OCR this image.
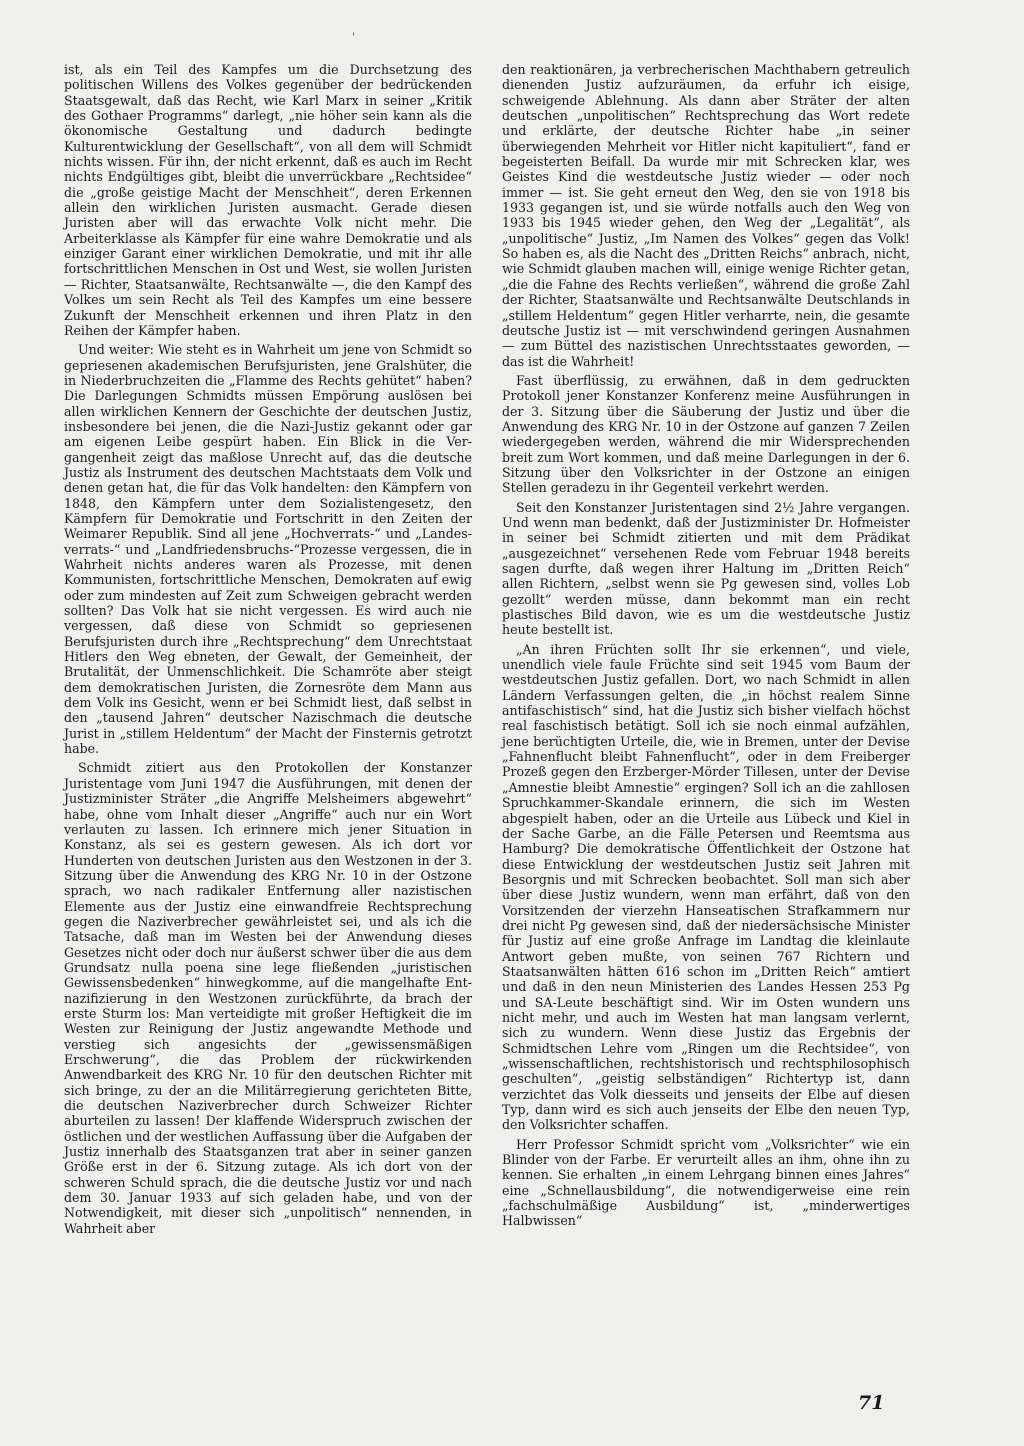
'

ist, als ein Teil des Kampfes um die Durchsetzung des politischen Willens des Volkes gegenüber der bedrückenden Staatsgewalt, daß das Recht, wie Karl Marx in seiner „Kritik des Gothaer Programms“ darlegt, „nie höher sein kann als die ökonomische Gestaltung und dadurch bedingte Kulturentwicklung der Gesellschaft“, von all dem will Schmidt nichts wissen. Für ihn, der nicht erkennt, daß es auch im Recht nichts Endgültiges gibt, bleibt die unverrückbare „Rechtsidee“ die „große geistige Macht der Menschheit“, deren Erkennen allein den wirklichen Juristen ausmacht. Gerade diesen Juristen aber will das erwachte Volk nicht mehr. Die Arbeiterklasse als Kämpfer für eine wahre Demokratie und als einziger Garant einer wirklichen Demokratie, und mit ihr alle fortschrittlichen Menschen in Ost und West, sie wollen Juristen — Richter, Staatsanwälte, Rechtsanwälte —, die den Kampf des Volkes um sein Recht als Teil des Kampfes um eine bessere Zukunft der Menschheit erkennen und ihren Platz in den Reihen der Kämpfer haben.

Und weiter: Wie steht es in Wahrheit um jene von Schmidt so gepriesenen akademischen Berufsjuristen, jene Gralshüter, die in Niederbruchzeiten die „Flamme des Rechts gehütet“ haben? Die Darlegungen Schmidts müssen Empörung auslösen bei allen wirklichen Kennern der Geschichte der deutschen Justiz, insbesondere bei jenen, die die Nazi-Justiz gekannt oder gar am eigenen Leibe gespürt haben. Ein Blick in die Vergangenheit zeigt das maßlose Unrecht auf, das die deutsche Justiz als Instrument des deutschen Machtstaats dem Volk und denen getan hat, die für das Volk handelten: den Kämpfern von 1848, den Kämpfern unter dem Sozialistengesetz, den Kämpfern für Demokratie und Fortschritt in den Zeiten der Weimarer Republik. Sind all jene „Hochverrats-“ und „Landesverrats-“ und „Landfriedensbruchs-“Prozesse vergessen, die in Wahrheit nichts anderes waren als Prozesse, mit denen Kommunisten, fortschrittliche Menschen, Demokraten auf ewig oder zum mindesten auf Zeit zum Schweigen gebracht werden sollten? Das Volk hat sie nicht vergessen. Es wird auch nie vergessen, daß diese von Schmidt so gepriesenen Berufsjuristen durch ihre „Rechtsprechung“ dem Unrechtstaat Hitlers den Weg ebneten, der Gewalt, der Gemeinheit, der Brutalität, der Unmenschlichkeit. Die Schamröte aber steigt dem demokratischen Juristen, die Zornesröte dem Mann aus dem Volk ins Gesicht, wenn er bei Schmidt liest, daß selbst in den „tausend Jahren“ deutscher Nazischmach die deutsche Jurist in „stillem Heldentum“ der Macht der Finsternis getrotzt habe.

Schmidt zitiert aus den Protokollen der Konstanzer Juristentage vom Juni 1947 die Ausführungen, mit denen der Justizminister Sträter „die Angriffe Melsheimers abgewehrt“ habe, ohne vom Inhalt dieser „Angriffe“ auch nur ein Wort verlauten zu lassen. Ich erinnere mich jener Situation in Konstanz, als sei es gestern gewesen. Als ich dort vor Hunderten von deutschen Juristen aus den Westzonen in der 3. Sitzung über die Anwendung des KRG Nr. 10 in der Ostzone sprach, wo nach radikaler Entfernung aller nazistischen Elemente aus der Justiz eine einwandfreie Rechtsprechung gegen die Naziverbrecher gewährleistet sei, und als ich die Tatsache, daß man im Westen bei der Anwendung dieses Gesetzes nicht oder doch nur äußerst schwer über die aus dem Grundsatz nulla poena sine lege fließenden „juristischen Gewissensbedenken“ hinwegkomme, auf die mangelhafte Entnazifizierung in den Westzonen zurückführte, da brach der erste Sturm los: Man verteidigte mit großer Heftigkeit die im Westen zur Reinigung der Justiz angewandte Methode und verstieg sich angesichts der „gewissensmäßigen Erschwerung“, die das Problem der rückwirkenden Anwendbarkeit des KRG Nr. 10 für den deutschen Richter mit sich bringe, zu der an die Militärregierung gerichteten Bitte, die deutschen Naziverbrecher durch Schweizer Richter aburteilen zu lassen! Der klaffende Widerspruch zwischen der östlichen und der westlichen Auffassung über die Aufgaben der Justiz innerhalb des Staatsganzen trat aber in seiner ganzen Größe erst in der 6. Sitzung zutage. Als ich dort von der schweren Schuld sprach, die die deutsche Justiz vor und nach dem 30. Januar 1933 auf sich geladen habe, und von der Notwendigkeit, mit dieser sich „unpolitisch“ nennenden, in Wahrheit aber

den reaktionären, ja verbrecherischen Machthabern getreulich dienenden Justiz aufzuräumen, da erfuhr ich eisige, schweigende Ablehnung. Als dann aber Sträter der alten deutschen „unpolitischen“ Rechtsprechung das Wort redete und erklärte, der deutsche Richter habe „in seiner überwiegenden Mehrheit vor Hitler nicht kapituliert“, fand er begeisterten Beifall. Da wurde mir mit Schrecken klar, wes Geistes Kind die westdeutsche Justiz wieder — oder noch immer — ist. Sie geht erneut den Weg, den sie von 1918 bis 1933 gegangen ist, und sie würde notfalls auch den Weg von 1933 bis 1945 wieder gehen, den Weg der „Legalität“, als „unpolitische“ Justiz, „Im Namen des Volkes“ gegen das Volk! So haben es, als die Nacht des „Dritten Reichs“ anbrach, nicht, wie Schmidt glauben machen will, einige wenige Richter getan, „die die Fahne des Rechts verließen“, während die große Zahl der Richter, Staatsanwälte und Rechtsanwälte Deutschlands in „stillem Heldentum“ gegen Hitler verharrte, nein, die gesamte deutsche Justiz ist — mit verschwindend geringen Ausnahmen — zum Büttel des nazistischen Unrechtsstaates geworden, — das ist die Wahrheit!

Fast überflüssig, zu erwähnen, daß in dem gedruckten Protokoll jener Konstanzer Konferenz meine Ausführungen in der 3. Sitzung über die Säuberung der Justiz und über die Anwendung des KRG Nr. 10 in der Ostzone auf ganzen 7 Zeilen wiedergegeben werden, während die mir Widersprechenden breit zum Wort kommen, und daß meine Darlegungen in der 6. Sitzung über den Volksrichter in der Ostzone an einigen Stellen geradezu in ihr Gegenteil verkehrt werden.

Seit den Konstanzer Juristentagen sind 2½ Jahre vergangen. Und wenn man bedenkt, daß der Justizminister Dr. Hofmeister in seiner bei Schmidt zitierten und mit dem Prädikat „ausgezeichnet“ versehenen Rede vom Februar 1948 bereits sagen durfte, daß wegen ihrer Haltung im „Dritten Reich“ allen Richtern, „selbst wenn sie Pg gewesen sind, volles Lob gezollt“ werden müsse, dann bekommt man ein recht plastisches Bild davon, wie es um die westdeutsche Justiz heute bestellt ist.

„An ihren Früchten sollt Ihr sie erkennen“, und viele, unendlich viele faule Früchte sind seit 1945 vom Baum der westdeutschen Justiz gefallen. Dort, wo nach Schmidt in allen Ländern Verfassungen gelten, die „in höchst realem Sinne antifaschistisch“ sind, hat die Justiz sich bisher vielfach höchst real faschistisch betätigt. Soll ich sie noch einmal aufzählen, jene berüchtigten Urteile, die, wie in Bremen, unter der Devise „Fahnenflucht bleibt Fahnenflucht“, oder in dem Freiberger Prozeß gegen den Erzberger-Mörder Tillesen, unter der Devise „Amnestie bleibt Amnestie“ ergingen? Soll ich an die zahllosen Spruchkammer-Skandale erinnern, die sich im Westen abgespielt haben, oder an die Urteile aus Lübeck und Kiel in der Sache Garbe, an die Fälle Petersen und Reemtsma aus Hamburg? Die demokratische Öffentlichkeit der Ostzone hat diese Entwicklung der westdeutschen Justiz seit Jahren mit Besorgnis und mit Schrecken beobachtet. Soll man sich aber über diese Justiz wundern, wenn man erfährt, daß von den Vorsitzenden der vierzehn Hanseatischen Strafkammern nur drei nicht Pg gewesen sind, daß der niedersächsische Minister für Justiz auf eine große Anfrage im Landtag die kleinlaute Antwort geben mußte, von seinen 767 Richtern und Staatsanwälten hätten 616 schon im „Dritten Reich“ amtiert und daß in den neun Ministerien des Landes Hessen 253 Pg und SA-Leute beschäftigt sind. Wir im Osten wundern uns nicht mehr, und auch im Westen hat man langsam verlernt, sich zu wundern. Wenn diese Justiz das Ergebnis der Schmidtschen Lehre vom „Ringen um die Rechtsidee“, von „wissenschaftlichen, rechtshistorisch und rechtsphilosophisch geschulten“, „geistig selbständigen“ Richtertyp ist, dann verzichtet das Volk diesseits und jenseits der Elbe auf diesen Typ, dann wird es sich auch jenseits der Elbe den neuen Typ, den Volksrichter schaffen.

Herr Professor Schmidt spricht vom „Volksrichter“ wie ein Blinder von der Farbe. Er verurteilt alles an ihm, ohne ihn zu kennen. Sie erhalten „in einem Lehrgang binnen eines Jahres“ eine „Schnellausbildung“, die notwendigerweise eine rein „fachschulmäßige Ausbildung“ ist, „minderwertiges Halbwissen“

71
